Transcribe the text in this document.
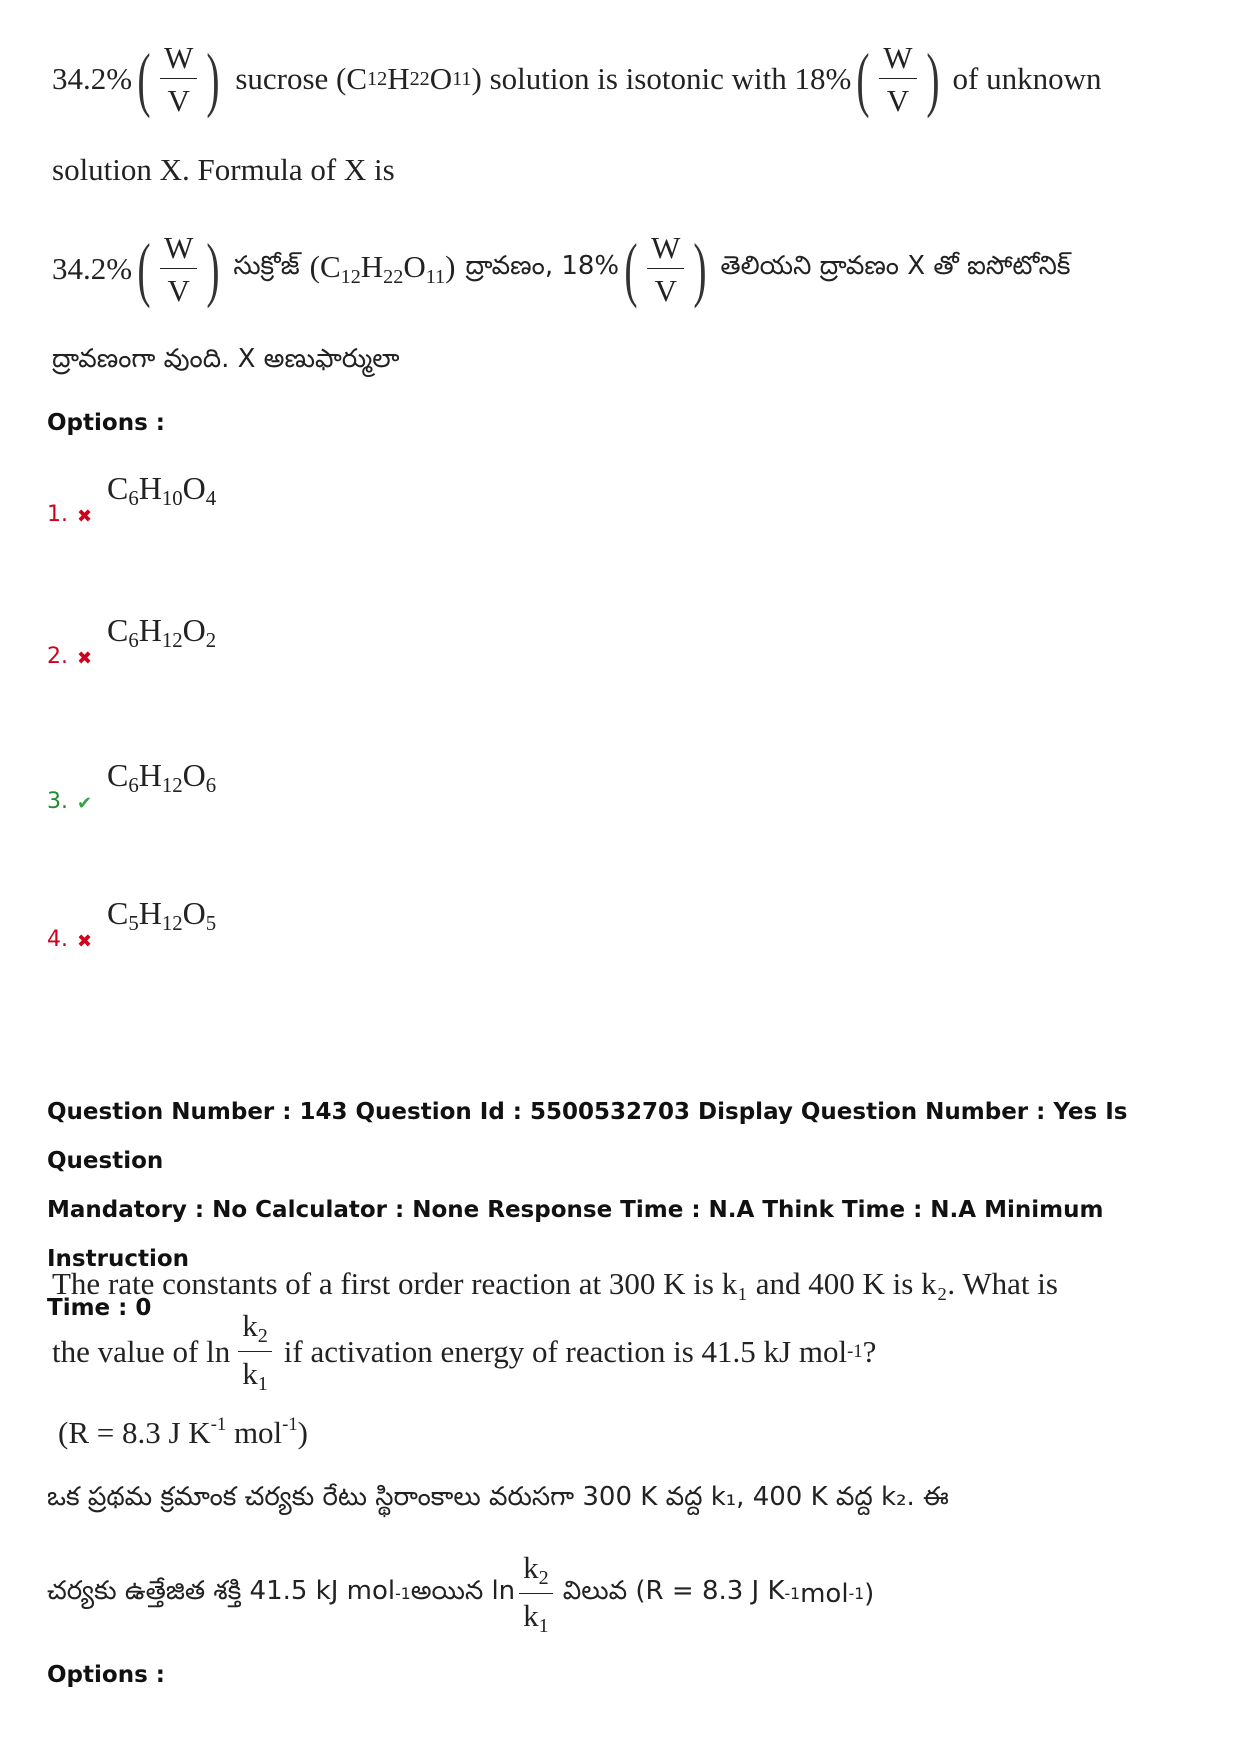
34.2% ( $\frac{W}{V}$ ) sucrose (C 12 H 22 O 11 ) solution is isotonic with 18% ( $\frac{W}{V}$ ) of unknown
solution X. Formula of X is
34.2% ( $\frac{W}{V}$ ) సుక్రోజ్ $(C_{12}H_{22}O_{11})$ ద్రావణం, 18% ( $\frac{W}{V}$ ) తెలియని ద్రావణం X తో ఐసోటోనిక్
ద్రావణంగా వుంది. X అణుఫార్ములా
Options :
1. ✖
$C_6H_{10}O_4$
2. ✖
$C_6H_{12}O_2$
3. ✔
$C_6H_{12}O_6$
4. ✖
$C_5H_{12}O_5$
Question Number : 143 Question Id : 5500532703 Display Question Number : Yes Is Question
Mandatory : No Calculator : None Response Time : N.A Think Time : N.A Minimum Instruction
Time : 0
The rate constants of a first order reaction at 300 K is k₁ and 400 K is k₂. What is
the value of $\ln \frac{k_2}{k_1}$ if activation energy of reaction is 41.5 kJ mol -1 ?
(R = 8.3 J $K^{-1}$ mol$^{-1}$)
ఒక ప్రథమ క్రమాంక చర్యకు రేటు స్థిరాంకాలు వరుసగా 300 K వద్ద k₁, 400 K వద్ద k₂. ఈ
చర్యకు ఉత్తేజిత శక్తి 41.5 kJ mol -1 అయిన $\ln \frac{k_2}{k_1}$ విలువ (R = 8.3 J K -1 mol -1 )
Options :
